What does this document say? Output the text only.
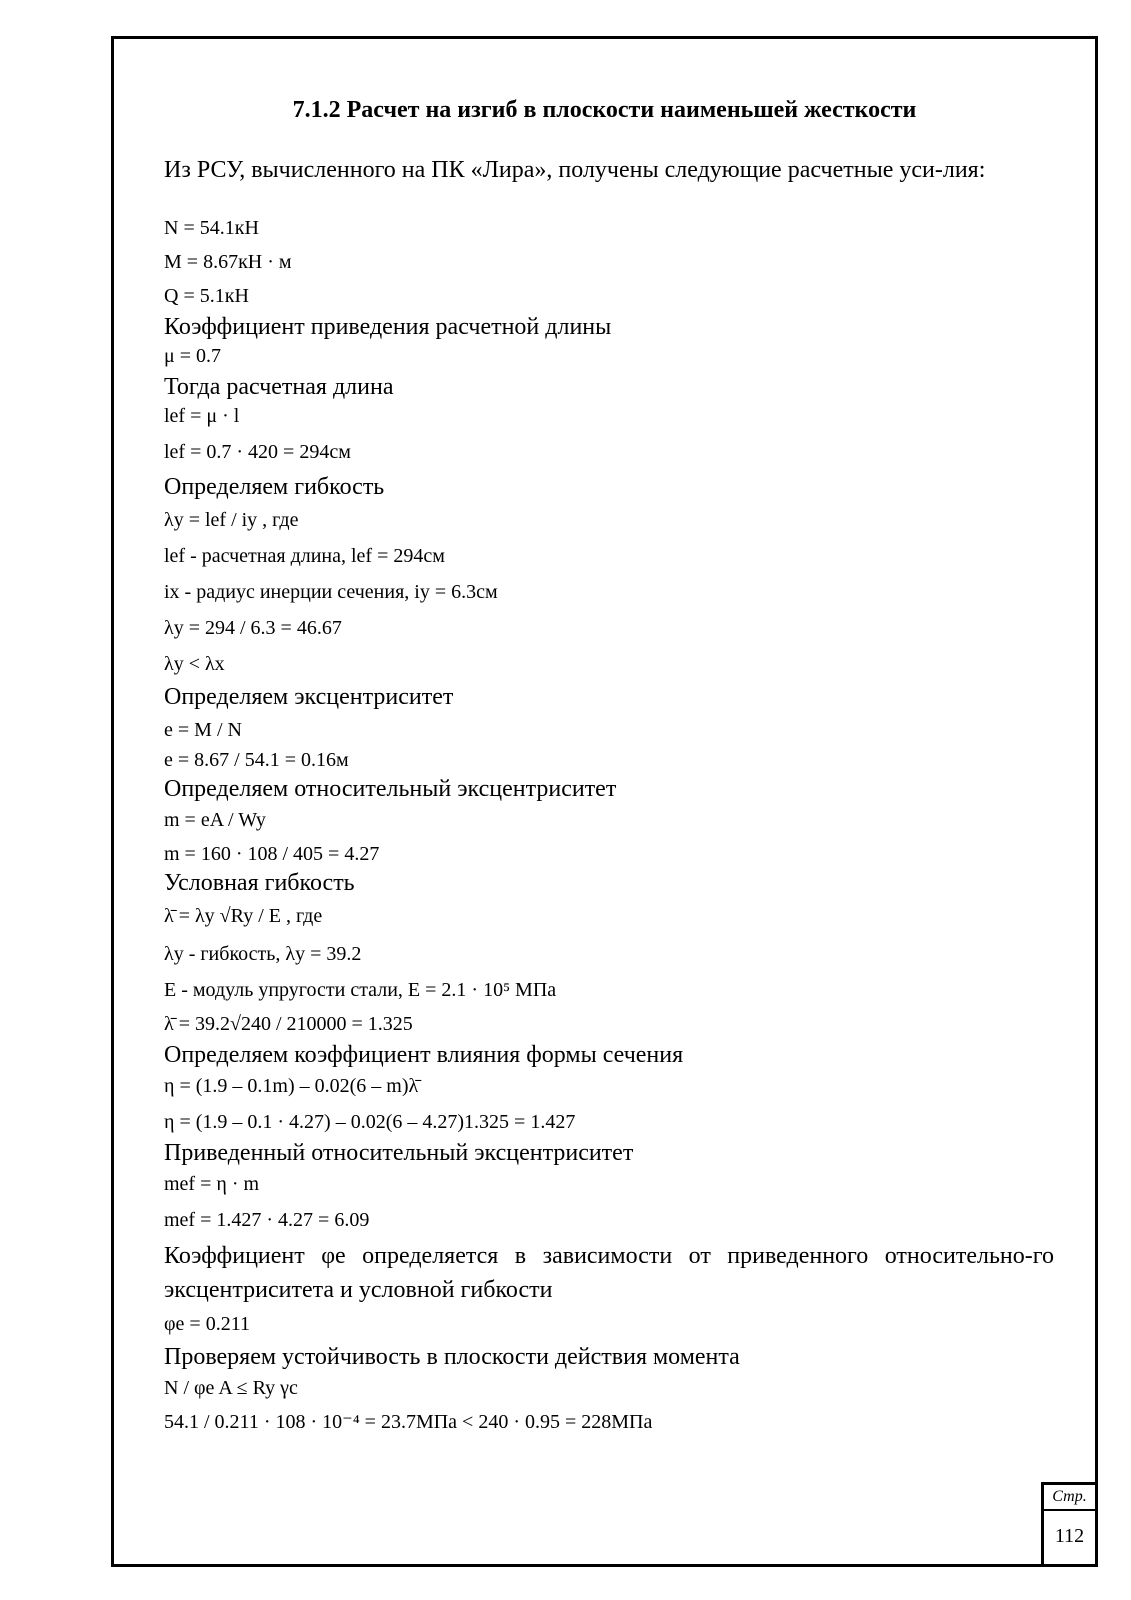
7.1.2 Расчет на изгиб в плоскости наименьшей жесткости
Из РСУ, вычисленного на ПК «Лира», получены следующие расчетные уси-лия:
N = 54.1кН
M = 8.67кН · м
Q = 5.1кН
Коэффициент приведения расчетной длины
μ = 0.7
Тогда расчетная длина
lef = μ · l
lef = 0.7 · 420 = 294см
Определяем гибкость
λy = lef / iy , где
lef - расчетная длина, lef = 294см
ix - радиус инерции сечения, iy = 6.3см
λy = 294 / 6.3 = 46.67
λy < λx
Определяем эксцентриситет
e = M / N
e = 8.67 / 54.1 = 0.16м
Определяем относительный эксцентриситет
m = eA / Wy
m = 160 · 108 / 405 = 4.27
Условная гибкость
λ̄ = λy √Ry / E , где
λy - гибкость, λy = 39.2
E - модуль упругости стали, E = 2.1 · 10⁵ МПа
λ̄ = 39.2√240 / 210000 = 1.325
Определяем коэффициент влияния формы сечения
η = (1.9 – 0.1m) – 0.02(6 – m)λ̄
η = (1.9 – 0.1 · 4.27) – 0.02(6 – 4.27)1.325 = 1.427
Приведенный относительный эксцентриситет
mef = η · m
mef = 1.427 · 4.27 = 6.09
Коэффициент φe определяется в зависимости от приведенного относительно-го эксцентриситета и условной гибкости
φe = 0.211
Проверяем устойчивость в плоскости действия момента
N / φe A ≤ Ry γc
54.1 / 0.211 · 108 · 10⁻⁴ = 23.7МПа < 240 · 0.95 = 228МПа
Стр.
112
